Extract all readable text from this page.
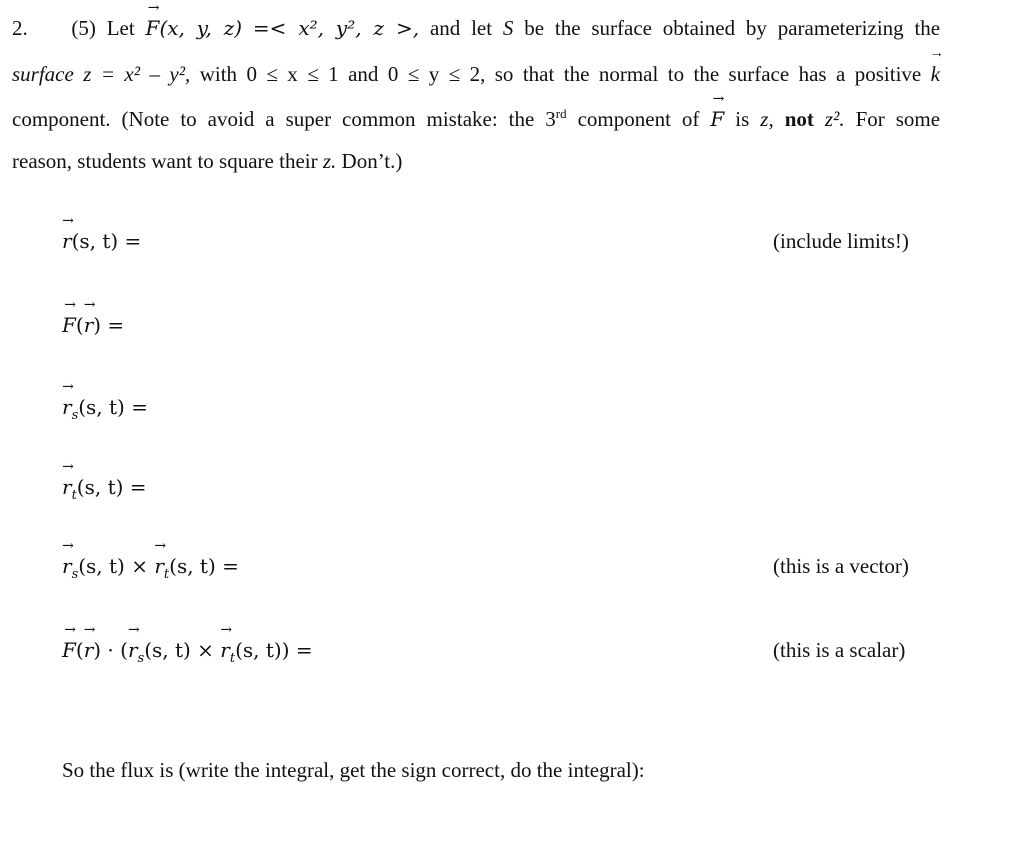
2. (5) Let → F(x, y, z) =< x², y², z >, and let S be the surface obtained by parameterizing the
surface z = x² – y², with 0 ≤ x ≤ 1 and 0 ≤ y ≤ 2, so that the normal to the surface has a positive → k
component. (Note to avoid a super common mistake: the 3rd component of → F is z, not z². For some
reason, students want to square their z. Don’t.)
→ r(s, t) =	(include limits!)
→ F(→ r) =
→ $r_s(s$, t) =
→ $r_t(s$, t) =
→ $r_s(s$, t) × → $r_t(s$, t) =	(this is a vector)
→ F(→ r) · (→ $r_s(s$, t) × → $r_t(s$, t)) =	(this is a scalar)
So the flux is (write the integral, get the sign correct, do the integral):
